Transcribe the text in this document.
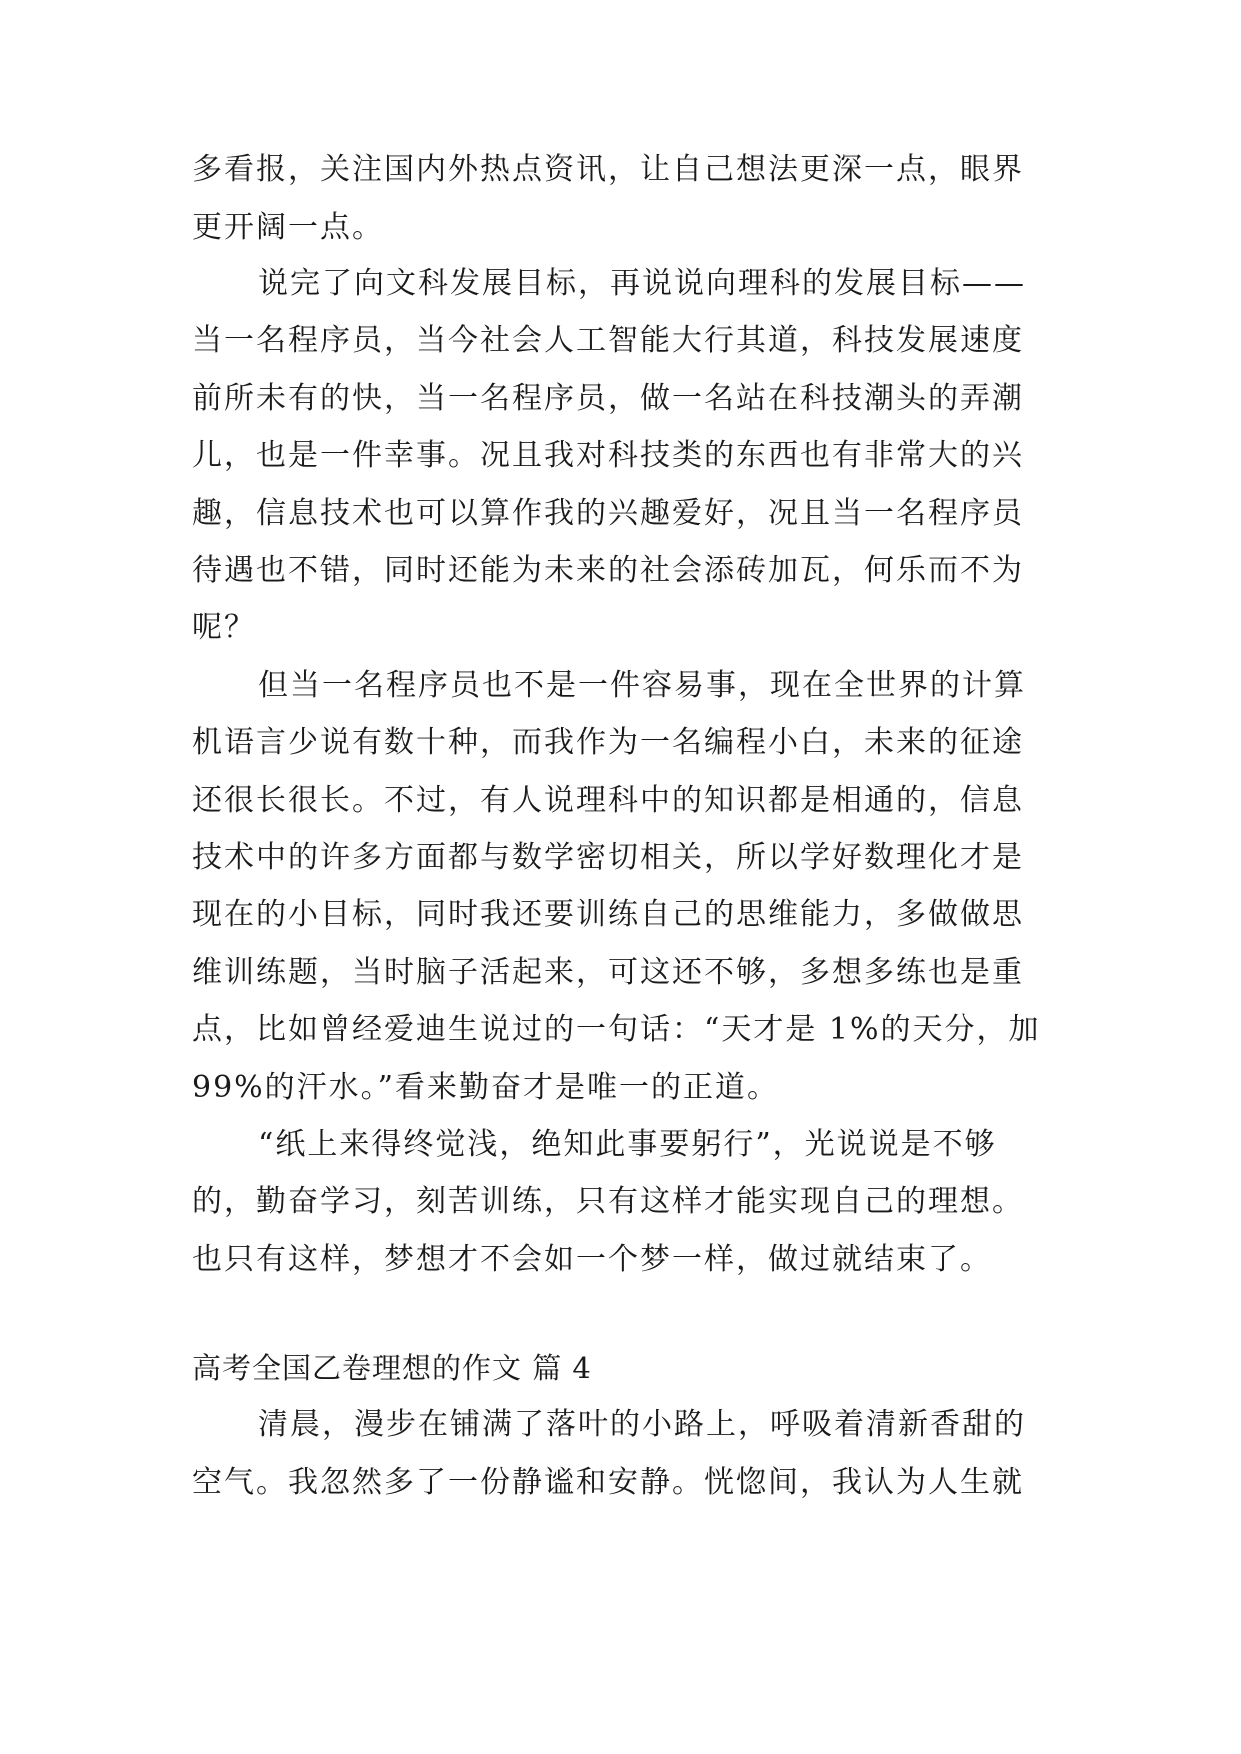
多看报，关注国内外热点资讯，让自己想法更深一点，眼界
更开阔一点。
说完了向文科发展目标，再说说向理科的发展目标——
当一名程序员，当今社会人工智能大行其道，科技发展速度
前所未有的快，当一名程序员，做一名站在科技潮头的弄潮
儿，也是一件幸事。况且我对科技类的东西也有非常大的兴
趣，信息技术也可以算作我的兴趣爱好，况且当一名程序员
待遇也不错，同时还能为未来的社会添砖加瓦，何乐而不为
呢？
但当一名程序员也不是一件容易事，现在全世界的计算
机语言少说有数十种，而我作为一名编程小白，未来的征途
还很长很长。不过，有人说理科中的知识都是相通的，信息
技术中的许多方面都与数学密切相关，所以学好数理化才是
现在的小目标，同时我还要训练自己的思维能力，多做做思
维训练题，当时脑子活起来，可这还不够，多想多练也是重
点，比如曾经爱迪生说过的一句话：“天才是 1%的天分，加
99%的汗水。”看来勤奋才是唯一的正道。
“纸上来得终觉浅，绝知此事要躬行”，光说说是不够
的，勤奋学习，刻苦训练，只有这样才能实现自己的理想。
也只有这样，梦想才不会如一个梦一样，做过就结束了。
高考全国乙卷理想的作文 篇 4
清晨，漫步在铺满了落叶的小路上，呼吸着清新香甜的
空气。我忽然多了一份静谧和安静。恍惚间，我认为人生就
